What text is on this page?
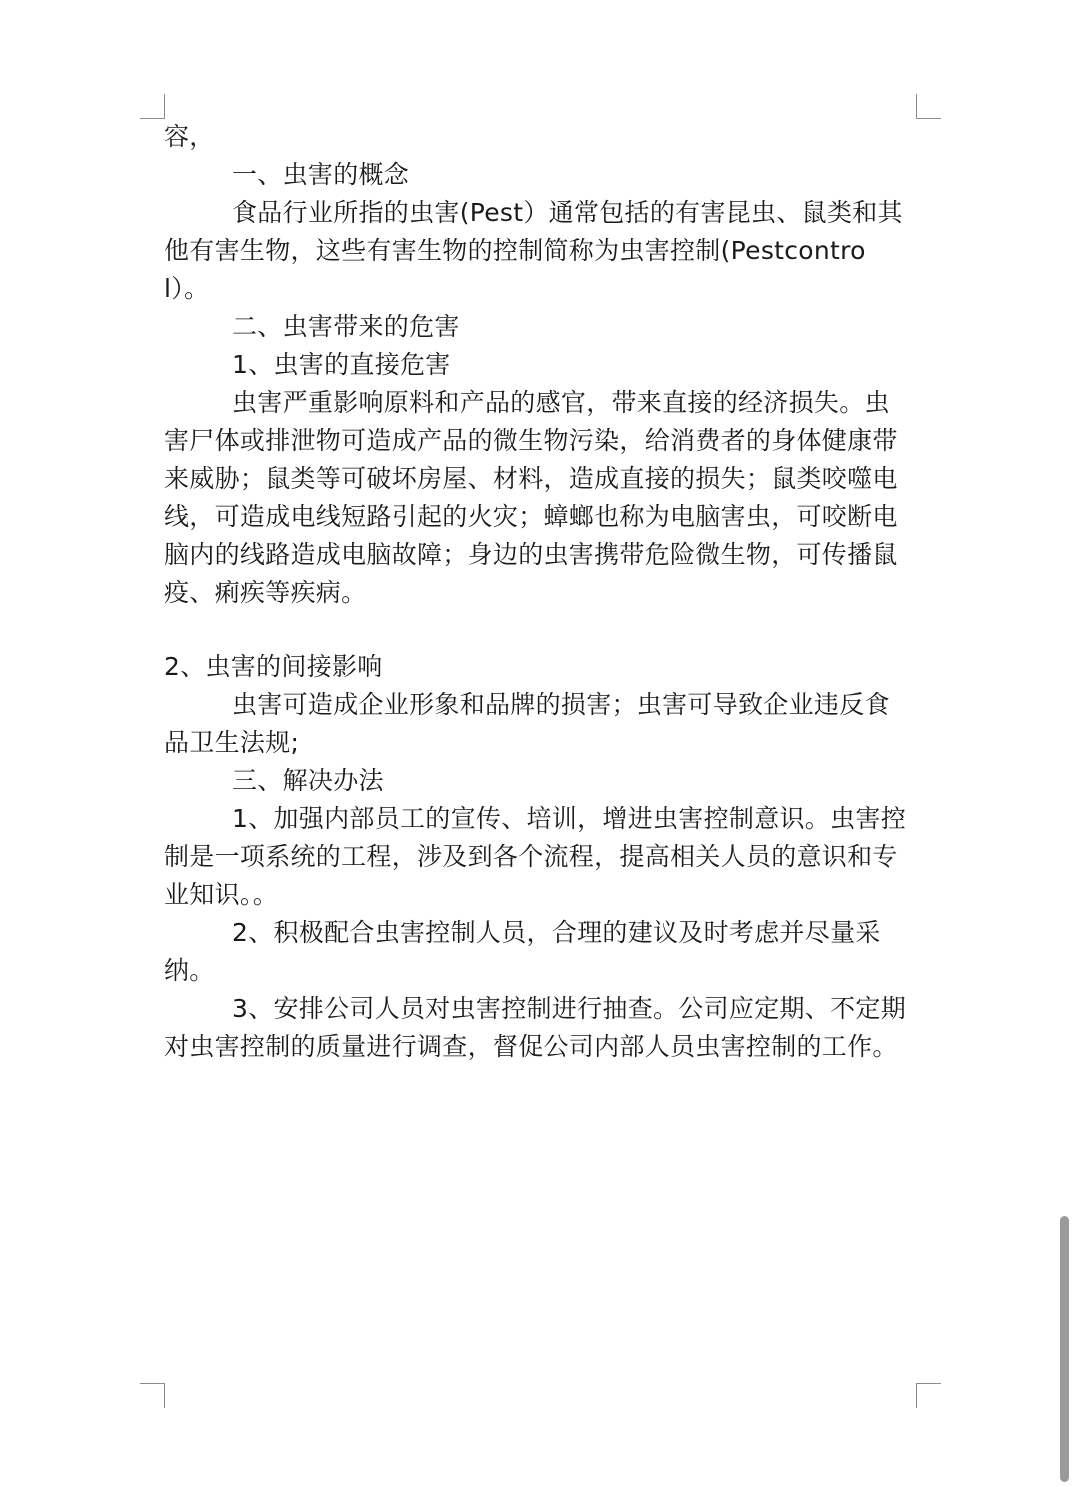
容，

一、虫害的概念

食品行业所指的虫害(Pest）通常包括的有害昆虫、鼠类和其他有害生物，这些有害生物的控制简称为虫害控制(Pestcontrol）。

二、虫害带来的危害

1、虫害的直接危害

虫害严重影响原料和产品的感官，带来直接的经济损失。虫害尸体或排泄物可造成产品的微生物污染，给消费者的身体健康带来威胁；鼠类等可破坏房屋、材料，造成直接的损失；鼠类咬噬电线，可造成电线短路引起的火灾；蟑螂也称为电脑害虫，可咬断电脑内的线路造成电脑故障；身边的虫害携带危险微生物，可传播鼠疫、痢疾等疾病。

2、虫害的间接影响

虫害可造成企业形象和品牌的损害；虫害可导致企业违反食品卫生法规;

三、解决办法

1、加强内部员工的宣传、培训，增进虫害控制意识。虫害控制是一项系统的工程，涉及到各个流程，提高相关人员的意识和专业知识。。

2、积极配合虫害控制人员，合理的建议及时考虑并尽量采纳。

3、安排公司人员对虫害控制进行抽查。公司应定期、不定期对虫害控制的质量进行调查，督促公司内部人员虫害控制的工作。
